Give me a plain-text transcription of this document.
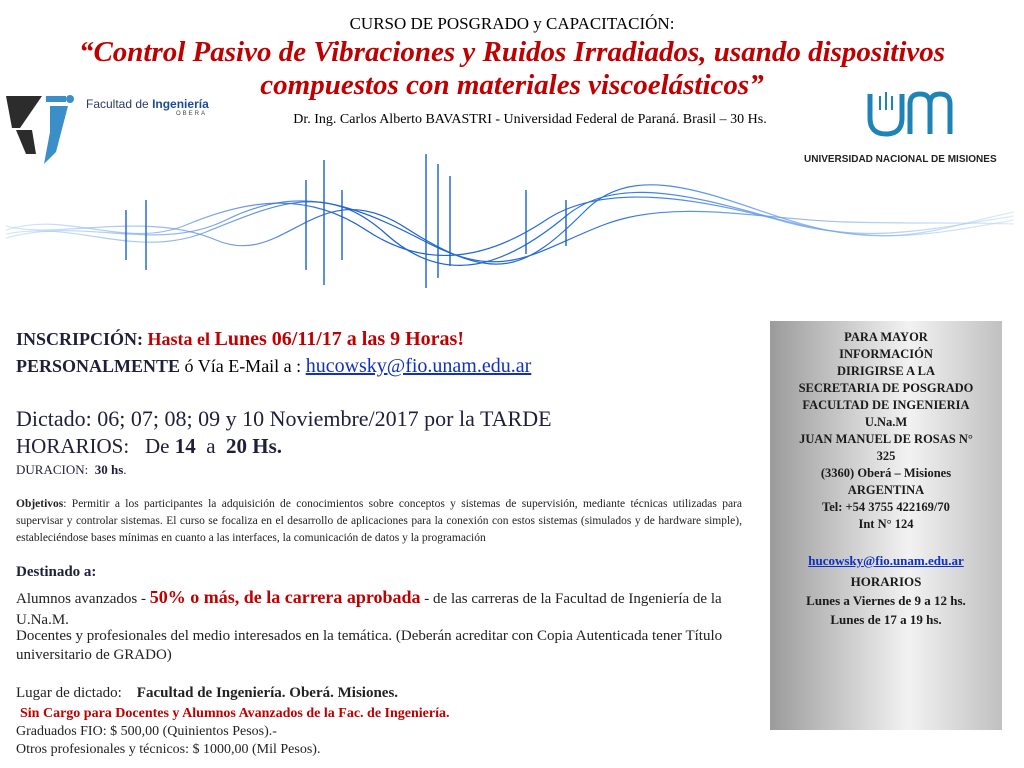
CURSO DE POSGRADO y CAPACITACIÓN:
“Control Pasivo de Vibraciones y Ruidos Irradiados, usando dispositivos compuestos con materiales viscoelásticos”
Dr. Ing. Carlos Alberto BAVASTRI - Universidad Federal de Paraná. Brasil – 30 Hs.
Facultad de Ingeniería
OBERA
UNIVERSIDAD NACIONAL DE MISIONES
INSCRIPCIÓN: Hasta el Lunes 06/11/17 a las 9 Horas!
PERSONALMENTE ó Vía E-Mail a : hucowsky@fio.unam.edu.ar
Dictado: 06; 07; 08; 09 y 10 Noviembre/2017 por la TARDE
HORARIOS: De 14 a 20 Hs.
DURACION: 30 hs.
Objetivos: Permitir a los participantes la adquisición de conocimientos sobre conceptos y sistemas de supervisión, mediante técnicas utilizadas para supervisar y controlar sistemas. El curso se focaliza en el desarrollo de aplicaciones para la conexión con estos sistemas (simulados y de hardware simple), estableciéndose bases mínimas en cuanto a las interfaces, la comunicación de datos y la programación
Destinado a:
Alumnos avanzados - 50% o más, de la carrera aprobada - de las carreras de la Facultad de Ingeniería de la U.Na.M.
Docentes y profesionales del medio interesados en la temática. (Deberán acreditar con Copia Autenticada tener Título universitario de GRADO)
Lugar de dictado: Facultad de Ingeniería. Oberá. Misiones.
Sin Cargo para Docentes y Alumnos Avanzados de la Fac. de Ingeniería.
Graduados FIO: $ 500,00 (Quinientos Pesos).-
Otros profesionales y técnicos: $ 1000,00 (Mil Pesos).
PARA MAYOR
INFORMACIÓN
DIRIGIRSE A LA
SECRETARIA DE POSGRADO
FACULTAD DE INGENIERIA
U.Na.M
JUAN MANUEL DE ROSAS N°
325
(3360) Oberá – Misiones
ARGENTINA
Tel: +54 3755 422169/70
Int N° 124
hucowsky@fio.unam.edu.ar
HORARIOS
Lunes a Viernes de 9 a 12 hs.
Lunes de 17 a 19 hs.
